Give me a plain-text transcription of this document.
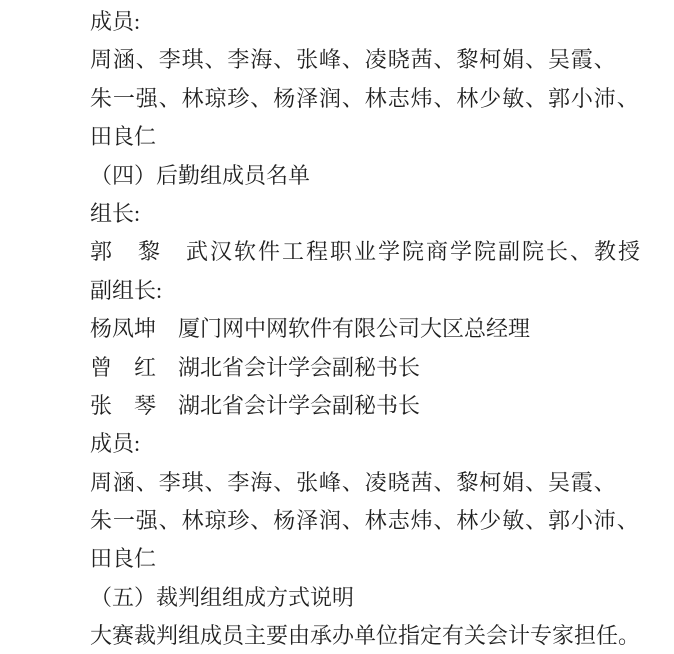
成员:
周涵、李琪、李海、张峰、凌晓茜、黎柯娟、吴霞、
朱一强、林琼珍、杨泽润、林志炜、林少敏、郭小沛、
田良仁
（四）后勤组成员名单
组长:
郭　黎　武汉软件工程职业学院商学院副院长、教授
副组长:
杨凤坤　厦门网中网软件有限公司大区总经理
曾　红　湖北省会计学会副秘书长
张　琴　湖北省会计学会副秘书长
成员:
周涵、李琪、李海、张峰、凌晓茜、黎柯娟、吴霞、
朱一强、林琼珍、杨泽润、林志炜、林少敏、郭小沛、
田良仁
（五）裁判组组成方式说明
大赛裁判组成员主要由承办单位指定有关会计专家担任。
